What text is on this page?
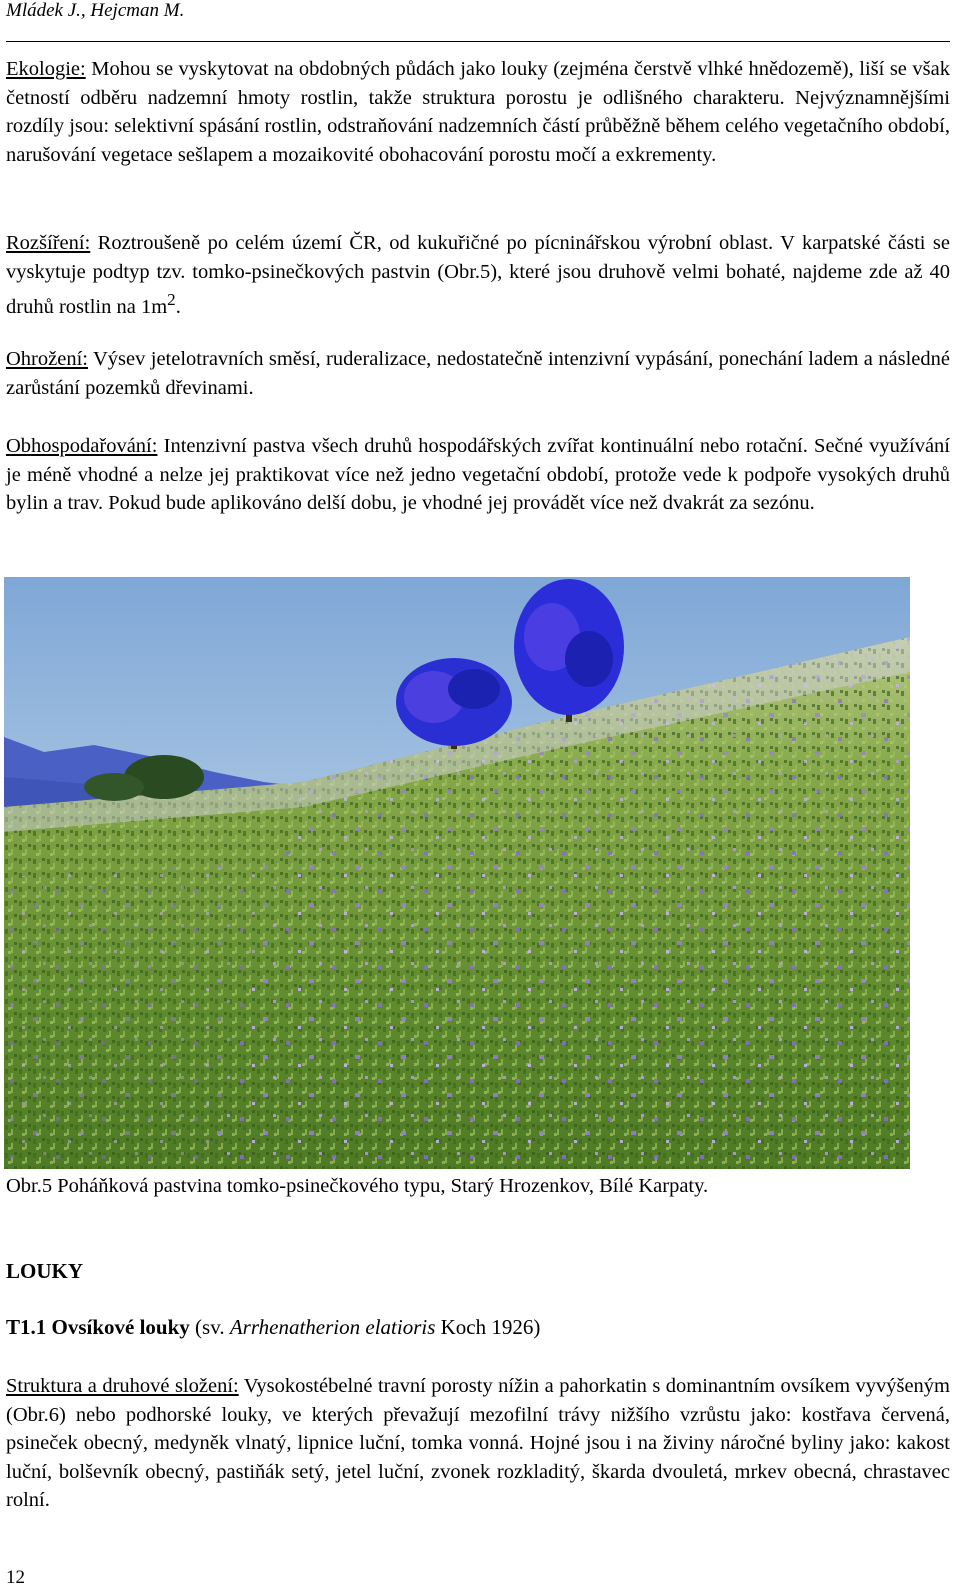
Mládek J., Hejcman M.

Ekologie: Mohou se vyskytovat na obdobných půdách jako louky (zejména čerstvě vlhké hnědozemě), liší se však četností odběru nadzemní hmoty rostlin, takže struktura porostu je odlišného charakteru. Nejvýznamnějšími rozdíly jsou: selektivní spásání rostlin, odstraňování nadzemních částí průběžně během celého vegetačního období, narušování vegetace sešlapem a mozaikovité obohacování porostu močí a exkrementy.

Rozšíření: Roztroušeně po celém území ČR, od kukuřičné po pícninářskou výrobní oblast. V karpatské části se vyskytuje podtyp tzv. tomko-psinečkových pastvin (Obr.5), které jsou druhově velmi bohaté, najdeme zde až 40 druhů rostlin na $1m^2$.

Ohrožení: Výsev jetelotravních směsí, ruderalizace, nedostatečně intenzivní vypásání, ponechání ladem a následné zarůstání pozemků dřevinami.

Obhospodařování: Intenzivní pastva všech druhů hospodářských zvířat kontinuální nebo rotační. Sečné využívání je méně vhodné a nelze jej praktikovat více než jedno vegetační období, protože vede k podpoře vysokých druhů bylin a trav. Pokud bude aplikováno delší dobu, je vhodné jej provádět více než dvakrát za sezónu.

Obr.5 Poháňková pastvina tomko-psinečkového typu, Starý Hrozenkov, Bílé Karpaty.
LOUKY
T1.1 Ovsíkové louky (sv. Arrhenatherion elatioris Koch 1926)

Struktura a druhové složení: Vysokostébelné travní porosty nížin a pahorkatin s dominantním ovsíkem vyvýšeným (Obr.6) nebo podhorské louky, ve kterých převažují mezofilní trávy nižšího vzrůstu jako: kostřava červená, psineček obecný, medyněk vlnatý, lipnice luční, tomka vonná. Hojné jsou i na živiny náročné byliny jako: kakost luční, bolševník obecný, pastiňák setý, jetel luční, zvonek rozkladitý, škarda dvouletá, mrkev obecná, chrastavec rolní.

12
